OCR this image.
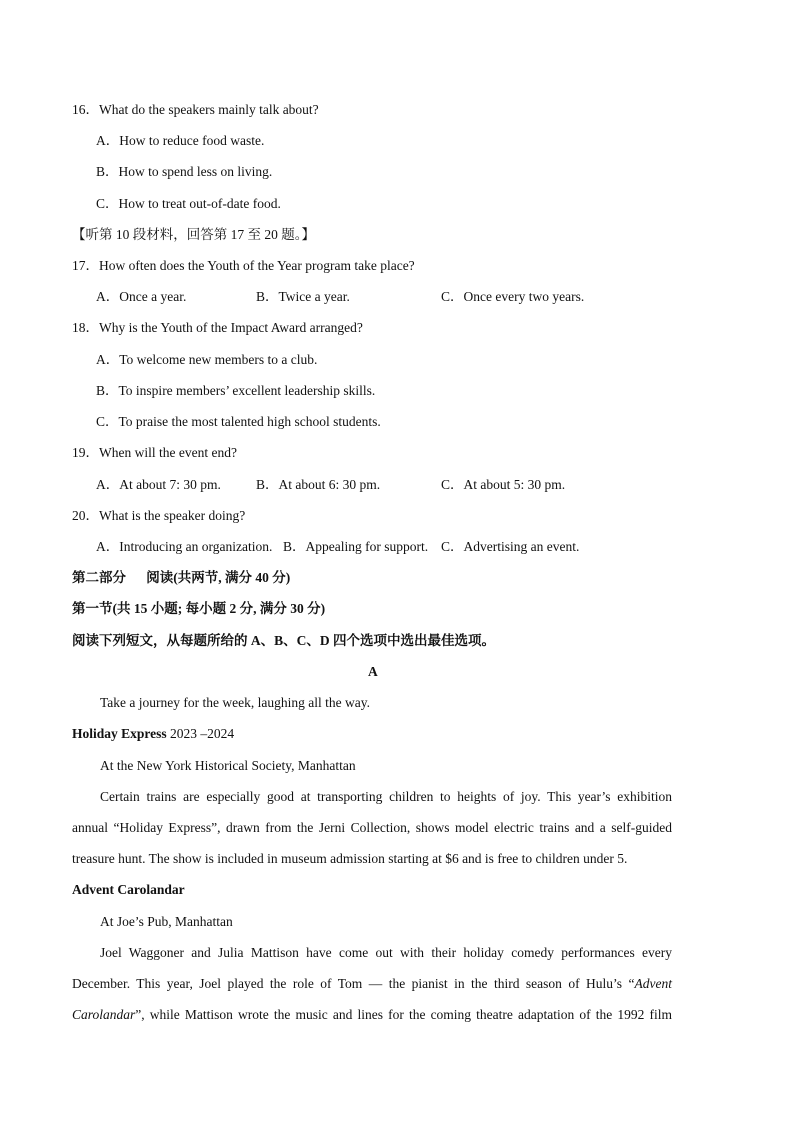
16．What do the speakers mainly talk about?
A．How to reduce food waste.
B．How to spend less on living.
C．How to treat out-of-date food.
【听第 10 段材料，回答第 17 至 20 题。】
17．How often does the Youth of the Year program take place?
A．Once a year.	B．Twice a year.	C．Once every two years.
18．Why is the Youth of the Impact Award arranged?
A．To welcome new members to a club.
B．To inspire members’ excellent leadership skills.
C．To praise the most talented high school students.
19．When will the event end?
A．At about 7: 30 pm.	B．At about 6: 30 pm.	C．At about 5: 30 pm.
20．What is the speaker doing?
A．Introducing an organization. B．Appealing for support. C．Advertising an event.
第二部分      阅读(共两节, 满分 40 分)
第一节(共 15 小题; 每小题 2 分, 满分 30 分)
阅读下列短文，从每题所给的 A、B、C、D 四个选项中选出最佳选项。
A
Take a journey for the week, laughing all the way.
Holiday Express 2023 –2024
At the New York Historical Society, Manhattan
Certain trains are especially good at transporting children to heights of joy. This year’s exhibition
annual “Holiday Express”, drawn from the Jerni Collection, shows model electric trains and a self-guided
treasure hunt. The show is included in museum admission starting at $6 and is free to children under 5.
Advent Carolandar
At Joe’s Pub, Manhattan
Joel Waggoner and Julia Mattison have come out with their holiday comedy performances every
December. This year, Joel played the role of Tom — the pianist in the third season of Hulu’s “Advent
Carolandar”, while Mattison wrote the music and lines for the coming theatre adaptation of the 1992 film
